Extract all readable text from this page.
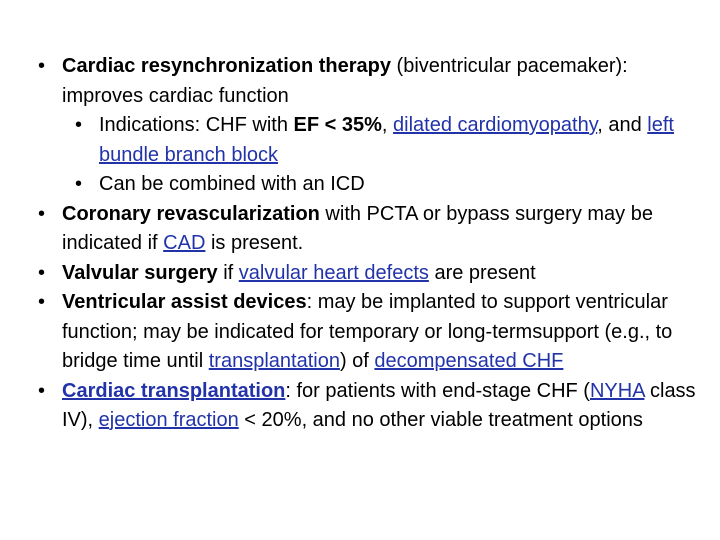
• Cardiac resynchronization therapy (biventricular pacemaker): improves cardiac function
• Indications: CHF with EF < 35%, dilated cardiomyopathy, and left bundle branch block
• Can be combined with an ICD
• Coronary revascularization with PCTA or bypass surgery may be indicated if CAD is present.
• Valvular surgery if valvular heart defects are present
• Ventricular assist devices: may be implanted to support ventricular function; may be indicated for temporary or long-termsupport (e.g., to bridge time until transplantation) of decompensated CHF
• Cardiac transplantation: for patients with end-stage CHF (NYHA class IV), ejection fraction < 20%, and no other viable treatment options
